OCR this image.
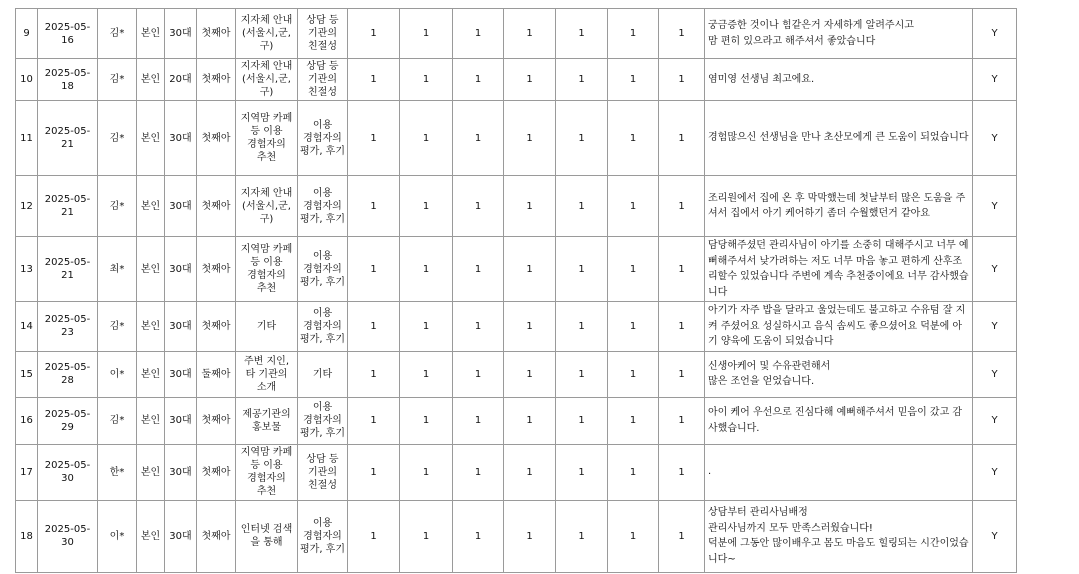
9	2025-05-16	김*	본인	30대	첫째아	지자체 안내 (서울시,군, 구)	상담 등 기관의 친절성	1	1	1	1	1	1	1	궁금증한 것이나 힘같은거 자세하게 알려주시고
맘 편히 있으라고 해주셔서 좋았습니다	Y
10	2025-05-18	김*	본인	20대	첫째아	지자체 안내 (서울시,군, 구)	상담 등 기관의 친절성	1	1	1	1	1	1	1	염미영 선생님 최고에요.	Y
11	2025-05-21	김*	본인	30대	첫째아	지역맘 카페 등 이용 경험자의 추천	이용 경험자의 평가, 후기	1	1	1	1	1	1	1	경험많으신 선생님을 만나 초산모에게 큰 도움이 되었습니다	Y
12	2025-05-21	김*	본인	30대	첫째아	지자체 안내 (서울시,군, 구)	이용 경험자의 평가, 후기	1	1	1	1	1	1	1	조리원에서 집에 온 후 막막했는데 첫날부터 많은 도움을 주셔서 집에서 아기 케어하기 좀더 수월했던거 같아요	Y
13	2025-05-21	최*	본인	30대	첫째아	지역맘 카페 등 이용 경험자의 추천	이용 경험자의 평가, 후기	1	1	1	1	1	1	1	담당해주셨던 관리사님이 아기를 소중히 대해주시고 너무 예뻐해주셔서 낮가려하는 저도 너무 마음 놓고 편하게 산후조리할수 있었습니다 주변에 계속 추천중이에요 너무 감사했습니다	Y
14	2025-05-23	김*	본인	30대	첫째아	기타	이용 경험자의 평가, 후기	1	1	1	1	1	1	1	아기가 자주 밥을 달라고 울었는데도 불고하고 수유텀 잘 지켜 주셨어요 성실하시고 음식 솜씨도 좋으셨어요 덕분에 아기 양육에 도움이 되었습니다	Y
15	2025-05-28	이*	본인	30대	둘째아	주변 지인, 타 기관의 소개	기타	1	1	1	1	1	1	1	신생아케어 및 수유관련해서
많은 조언을 얻었습니다.	Y
16	2025-05-29	김*	본인	30대	첫째아	제공기관의 홍보물	이용 경험자의 평가, 후기	1	1	1	1	1	1	1	아이 케어 우선으로 진심다해 예뻐해주셔서 믿음이 갔고 감사했습니다.	Y
17	2025-05-30	한*	본인	30대	첫째아	지역맘 카페 등 이용 경험자의 추천	상담 등 기관의 친절성	1	1	1	1	1	1	1	.	Y
18	2025-05-30	이*	본인	30대	첫째아	인터넷 검색 을 통해	이용 경험자의 평가, 후기	1	1	1	1	1	1	1	상담부터 관리사님배정
관리사님까지 모두 만족스러웠습니다!
덕분에 그동안 많이배우고 몸도 마음도 힐링되는 시간이었습니다~	Y
